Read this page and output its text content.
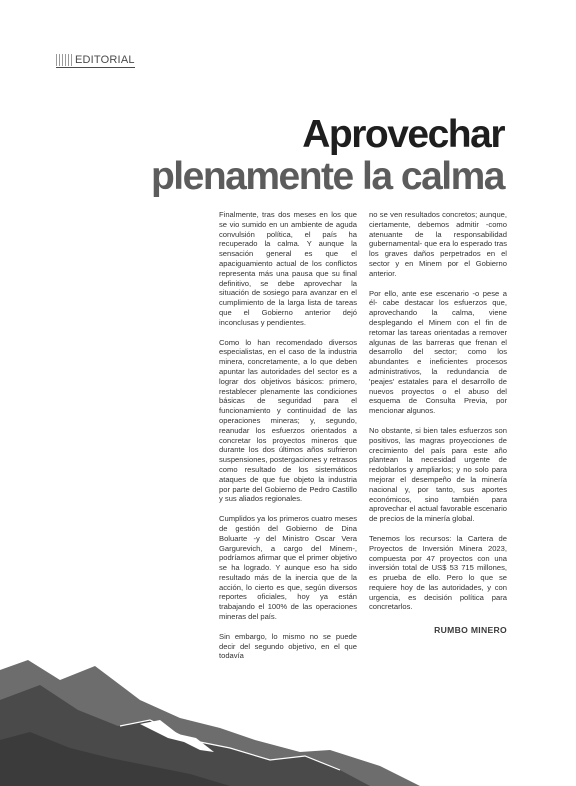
EDITORIAL
Aprovechar
plenamente la calma

Finalmente, tras dos meses en los que se vio sumido en un ambiente de aguda convulsión política, el país ha recuperado la calma. Y aunque la sensación general es que el apaciguamiento actual de los conflictos representa más una pausa que su final definitivo, se debe aprovechar la situación de sosiego para avanzar en el cumplimiento de la larga lista de tareas que el Gobierno anterior dejó inconclusas y pendientes.

Como lo han recomendado diversos especialistas, en el caso de la industria minera, concretamente, a lo que deben apuntar las autoridades del sector es a lograr dos objetivos básicos: primero, restablecer plenamente las condiciones básicas de seguridad para el funcionamiento y continuidad de las operaciones mineras; y, segundo, reanudar los esfuerzos orientados a concretar los proyectos mineros que durante los dos últimos años sufrieron suspensiones, postergaciones y retrasos como resultado de los sistemáticos ataques de que fue objeto la industria por parte del Gobierno de Pedro Castillo y sus aliados regionales.

Cumplidos ya los primeros cuatro meses de gestión del Gobierno de Dina Boluarte -y del Ministro Oscar Vera Gargurevich, a cargo del Minem-, podríamos afirmar que el primer objetivo se ha logrado. Y aunque eso ha sido resultado más de la inercia que de la acción, lo cierto es que, según diversos reportes oficiales, hoy ya están trabajando el 100% de las operaciones mineras del país.

Sin embargo, lo mismo no se puede decir del segundo objetivo, en el que todavía

no se ven resultados concretos; aunque, ciertamente, debemos admitir -como atenuante de la responsabilidad gubernamental- que era lo esperado tras los graves daños perpetrados en el sector y en Minem por el Gobierno anterior.

Por ello, ante ese escenario -o pese a él- cabe destacar los esfuerzos que, aprovechando la calma, viene desplegando el Minem con el fin de retomar las tareas orientadas a remover algunas de las barreras que frenan el desarrollo del sector; como los abundantes e ineficientes procesos administrativos, la redundancia de 'peajes' estatales para el desarrollo de nuevos proyectos o el abuso del esquema de Consulta Previa, por mencionar algunos.

No obstante, si bien tales esfuerzos son positivos, las magras proyecciones de crecimiento del país para este año plantean la necesidad urgente de redoblarlos y ampliarlos; y no solo para mejorar el desempeño de la minería nacional y, por tanto, sus aportes económicos, sino también para aprovechar el actual favorable escenario de precios de la minería global.

Tenemos los recursos: la Cartera de Proyectos de Inversión Minera 2023, compuesta por 47 proyectos con una inversión total de US$ 53 715 millones, es prueba de ello. Pero lo que se requiere hoy de las autoridades, y con urgencia, es decisión política para concretarlos.

RUMBO MINERO
